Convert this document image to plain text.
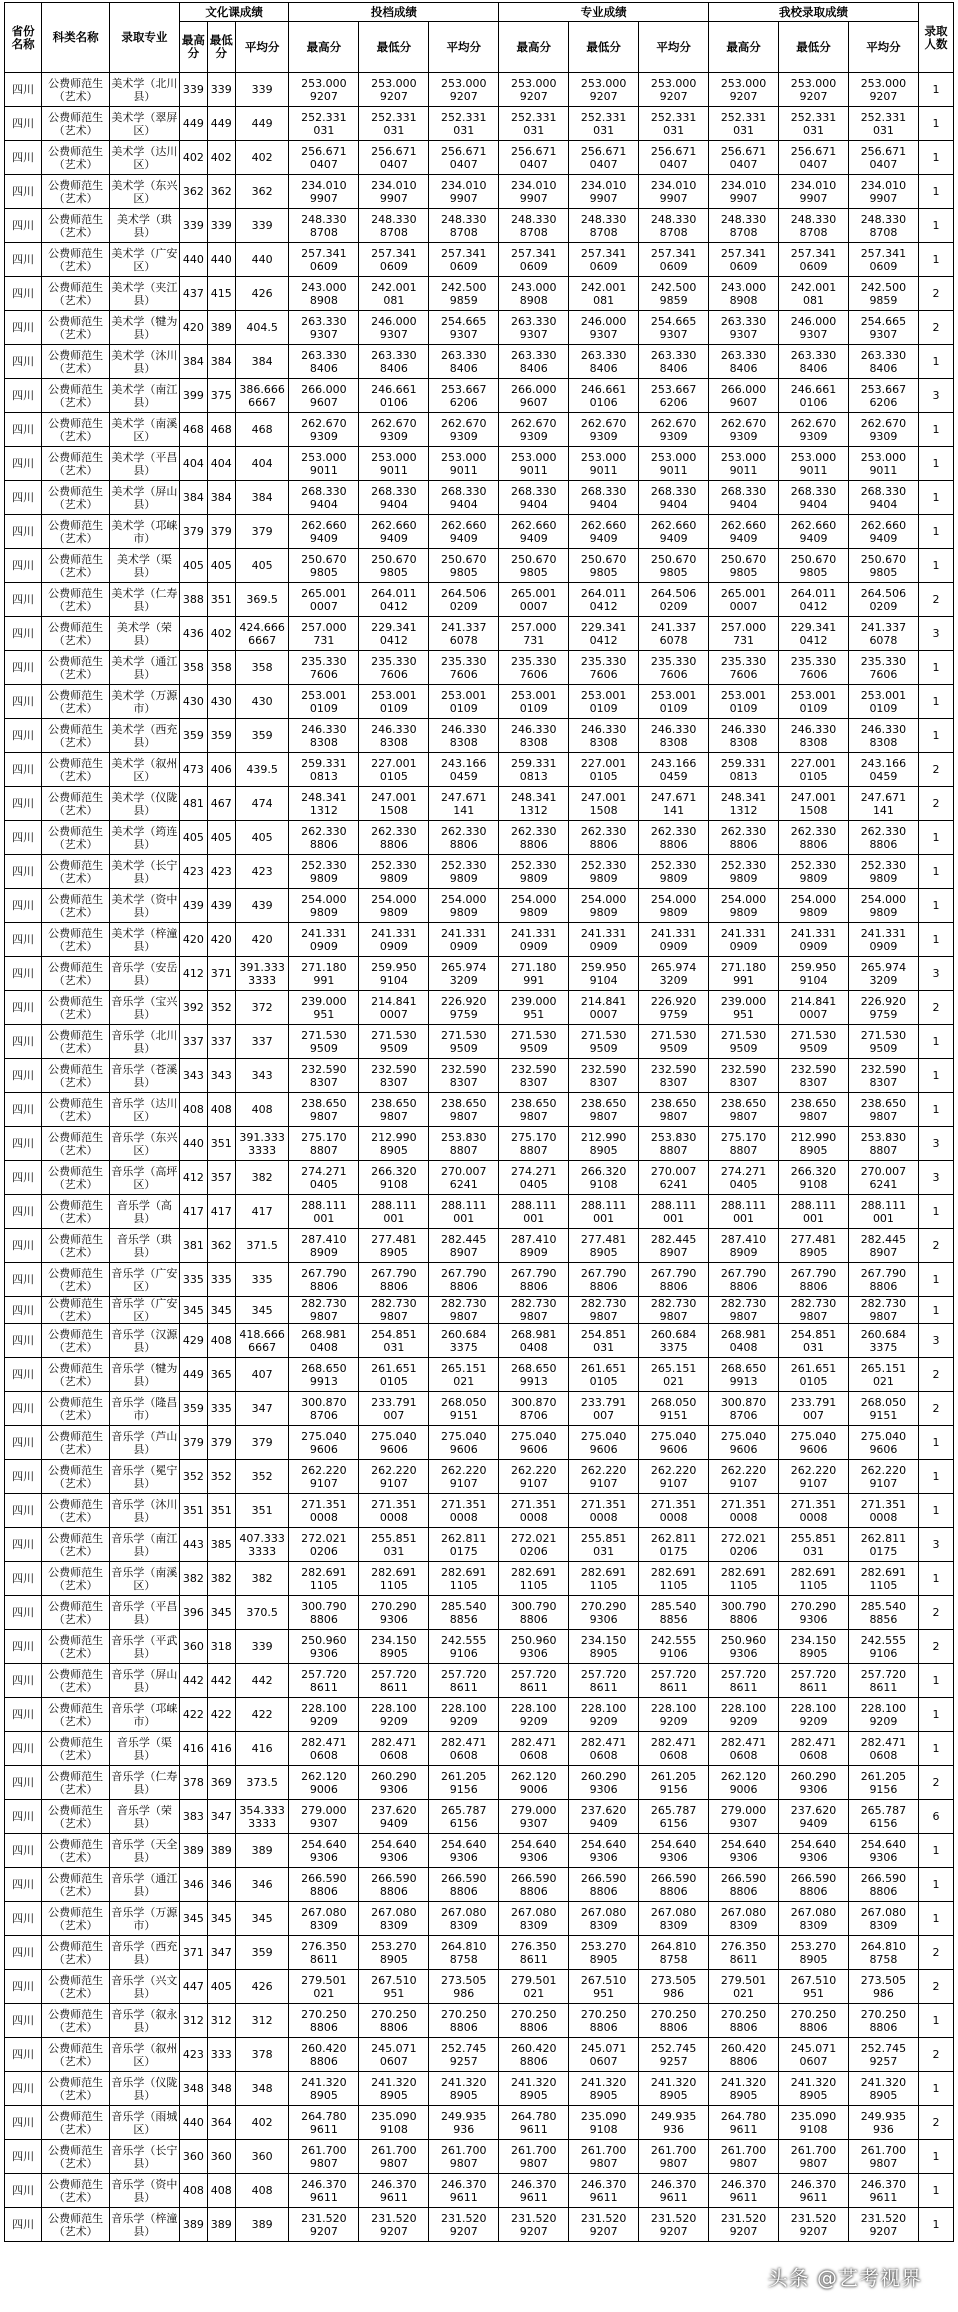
省份名称	科类名称	录取专业	文化课成绩			投档成绩			专业成绩			我校录取成绩			录取人数
			最高分	最低分	平均分	最高分	最低分	平均分	最高分	最低分	平均分	最高分	最低分	平均分	
四川	公费师范生（艺术）	美术学（北川县）	339	339	339	253.000 9207	253.000 9207	253.000 9207	253.000 9207	253.000 9207	253.000 9207	253.000 9207	253.000 9207	253.000 9207	1
四川	公费师范生（艺术）	美术学（翠屏区）	449	449	449	252.331 031	252.331 031	252.331 031	252.331 031	252.331 031	252.331 031	252.331 031	252.331 031	252.331 031	1
四川	公费师范生（艺术）	美术学（达川区）	402	402	402	256.671 0407	256.671 0407	256.671 0407	256.671 0407	256.671 0407	256.671 0407	256.671 0407	256.671 0407	256.671 0407	1
四川	公费师范生（艺术）	美术学（东兴区）	362	362	362	234.010 9907	234.010 9907	234.010 9907	234.010 9907	234.010 9907	234.010 9907	234.010 9907	234.010 9907	234.010 9907	1
四川	公费师范生（艺术）	美术学（珙县）	339	339	339	248.330 8708	248.330 8708	248.330 8708	248.330 8708	248.330 8708	248.330 8708	248.330 8708	248.330 8708	248.330 8708	1
四川	公费师范生（艺术）	美术学（广安区）	440	440	440	257.341 0609	257.341 0609	257.341 0609	257.341 0609	257.341 0609	257.341 0609	257.341 0609	257.341 0609	257.341 0609	1
四川	公费师范生（艺术）	美术学（夹江县）	437	415	426	243.000 8908	242.001 081	242.500 9859	243.000 8908	242.001 081	242.500 9859	243.000 8908	242.001 081	242.500 9859	2
四川	公费师范生（艺术）	美术学（犍为县）	420	389	404.5	263.330 9307	246.000 9307	254.665 9307	263.330 9307	246.000 9307	254.665 9307	263.330 9307	246.000 9307	254.665 9307	2
四川	公费师范生（艺术）	美术学（沐川县）	384	384	384	263.330 8406	263.330 8406	263.330 8406	263.330 8406	263.330 8406	263.330 8406	263.330 8406	263.330 8406	263.330 8406	1
四川	公费师范生（艺术）	美术学（南江县）	399	375	386.666 6667	266.000 9607	246.661 0106	253.667 6206	266.000 9607	246.661 0106	253.667 6206	266.000 9607	246.661 0106	253.667 6206	3
四川	公费师范生（艺术）	美术学（南溪区）	468	468	468	262.670 9309	262.670 9309	262.670 9309	262.670 9309	262.670 9309	262.670 9309	262.670 9309	262.670 9309	262.670 9309	1
四川	公费师范生（艺术）	美术学（平昌县）	404	404	404	253.000 9011	253.000 9011	253.000 9011	253.000 9011	253.000 9011	253.000 9011	253.000 9011	253.000 9011	253.000 9011	1
四川	公费师范生（艺术）	美术学（屏山县）	384	384	384	268.330 9404	268.330 9404	268.330 9404	268.330 9404	268.330 9404	268.330 9404	268.330 9404	268.330 9404	268.330 9404	1
四川	公费师范生（艺术）	美术学（邛崃市）	379	379	379	262.660 9409	262.660 9409	262.660 9409	262.660 9409	262.660 9409	262.660 9409	262.660 9409	262.660 9409	262.660 9409	1
四川	公费师范生（艺术）	美术学（渠县）	405	405	405	250.670 9805	250.670 9805	250.670 9805	250.670 9805	250.670 9805	250.670 9805	250.670 9805	250.670 9805	250.670 9805	1
四川	公费师范生（艺术）	美术学（仁寿县）	388	351	369.5	265.001 0007	264.011 0412	264.506 0209	265.001 0007	264.011 0412	264.506 0209	265.001 0007	264.011 0412	264.506 0209	2
四川	公费师范生（艺术）	美术学（荣县）	436	402	424.666 6667	257.000 731	229.341 0412	241.337 6078	257.000 731	229.341 0412	241.337 6078	257.000 731	229.341 0412	241.337 6078	3
四川	公费师范生（艺术）	美术学（通江县）	358	358	358	235.330 7606	235.330 7606	235.330 7606	235.330 7606	235.330 7606	235.330 7606	235.330 7606	235.330 7606	235.330 7606	1
四川	公费师范生（艺术）	美术学（万源市）	430	430	430	253.001 0109	253.001 0109	253.001 0109	253.001 0109	253.001 0109	253.001 0109	253.001 0109	253.001 0109	253.001 0109	1
四川	公费师范生（艺术）	美术学（西充县）	359	359	359	246.330 8308	246.330 8308	246.330 8308	246.330 8308	246.330 8308	246.330 8308	246.330 8308	246.330 8308	246.330 8308	1
四川	公费师范生（艺术）	美术学（叙州区）	473	406	439.5	259.331 0813	227.001 0105	243.166 0459	259.331 0813	227.001 0105	243.166 0459	259.331 0813	227.001 0105	243.166 0459	2
四川	公费师范生（艺术）	美术学（仪陇县）	481	467	474	248.341 1312	247.001 1508	247.671 141	248.341 1312	247.001 1508	247.671 141	248.341 1312	247.001 1508	247.671 141	2
四川	公费师范生（艺术）	美术学（筠连县）	405	405	405	262.330 8806	262.330 8806	262.330 8806	262.330 8806	262.330 8806	262.330 8806	262.330 8806	262.330 8806	262.330 8806	1
四川	公费师范生（艺术）	美术学（长宁县）	423	423	423	252.330 9809	252.330 9809	252.330 9809	252.330 9809	252.330 9809	252.330 9809	252.330 9809	252.330 9809	252.330 9809	1
四川	公费师范生（艺术）	美术学（资中县）	439	439	439	254.000 9809	254.000 9809	254.000 9809	254.000 9809	254.000 9809	254.000 9809	254.000 9809	254.000 9809	254.000 9809	1
四川	公费师范生（艺术）	美术学（梓潼县）	420	420	420	241.331 0909	241.331 0909	241.331 0909	241.331 0909	241.331 0909	241.331 0909	241.331 0909	241.331 0909	241.331 0909	1
四川	公费师范生（艺术）	音乐学（安岳县）	412	371	391.333 3333	271.180 991	259.950 9104	265.974 3209	271.180 991	259.950 9104	265.974 3209	271.180 991	259.950 9104	265.974 3209	3
四川	公费师范生（艺术）	音乐学（宝兴县）	392	352	372	239.000 951	214.841 0007	226.920 9759	239.000 951	214.841 0007	226.920 9759	239.000 951	214.841 0007	226.920 9759	2
四川	公费师范生（艺术）	音乐学（北川县）	337	337	337	271.530 9509	271.530 9509	271.530 9509	271.530 9509	271.530 9509	271.530 9509	271.530 9509	271.530 9509	271.530 9509	1
四川	公费师范生（艺术）	音乐学（苍溪县）	343	343	343	232.590 8307	232.590 8307	232.590 8307	232.590 8307	232.590 8307	232.590 8307	232.590 8307	232.590 8307	232.590 8307	1
四川	公费师范生（艺术）	音乐学（达川区）	408	408	408	238.650 9807	238.650 9807	238.650 9807	238.650 9807	238.650 9807	238.650 9807	238.650 9807	238.650 9807	238.650 9807	1
四川	公费师范生（艺术）	音乐学（东兴区）	440	351	391.333 3333	275.170 8807	212.990 8905	253.830 8807	275.170 8807	212.990 8905	253.830 8807	275.170 8807	212.990 8905	253.830 8807	3
四川	公费师范生（艺术）	音乐学（高坪区）	412	357	382	274.271 0405	266.320 9108	270.007 6241	274.271 0405	266.320 9108	270.007 6241	274.271 0405	266.320 9108	270.007 6241	3
四川	公费师范生（艺术）	音乐学（高县）	417	417	417	288.111 001	288.111 001	288.111 001	288.111 001	288.111 001	288.111 001	288.111 001	288.111 001	288.111 001	1
四川	公费师范生（艺术）	音乐学（珙县）	381	362	371.5	287.410 8909	277.481 8905	282.445 8907	287.410 8909	277.481 8905	282.445 8907	287.410 8909	277.481 8905	282.445 8907	2
四川	公费师范生（艺术）	音乐学（广安区）	335	335	335	267.790 8806	267.790 8806	267.790 8806	267.790 8806	267.790 8806	267.790 8806	267.790 8806	267.790 8806	267.790 8806	1
四川	公费师范生（艺术）	音乐学（广安区）	345	345	345	282.730 9807	282.730 9807	282.730 9807	282.730 9807	282.730 9807	282.730 9807	282.730 9807	282.730 9807	282.730 9807	1
四川	公费师范生（艺术）	音乐学（汉源县）	429	408	418.666 6667	268.981 0408	254.851 031	260.684 3375	268.981 0408	254.851 031	260.684 3375	268.981 0408	254.851 031	260.684 3375	3
四川	公费师范生（艺术）	音乐学（犍为县）	449	365	407	268.650 9913	261.651 0105	265.151 021	268.650 9913	261.651 0105	265.151 021	268.650 9913	261.651 0105	265.151 021	2
四川	公费师范生（艺术）	音乐学（隆昌市）	359	335	347	300.870 8706	233.791 007	268.050 9151	300.870 8706	233.791 007	268.050 9151	300.870 8706	233.791 007	268.050 9151	2
四川	公费师范生（艺术）	音乐学（芦山县）	379	379	379	275.040 9606	275.040 9606	275.040 9606	275.040 9606	275.040 9606	275.040 9606	275.040 9606	275.040 9606	275.040 9606	1
四川	公费师范生（艺术）	音乐学（冕宁县）	352	352	352	262.220 9107	262.220 9107	262.220 9107	262.220 9107	262.220 9107	262.220 9107	262.220 9107	262.220 9107	262.220 9107	1
四川	公费师范生（艺术）	音乐学（沐川县）	351	351	351	271.351 0008	271.351 0008	271.351 0008	271.351 0008	271.351 0008	271.351 0008	271.351 0008	271.351 0008	271.351 0008	1
四川	公费师范生（艺术）	音乐学（南江县）	443	385	407.333 3333	272.021 0206	255.851 031	262.811 0175	272.021 0206	255.851 031	262.811 0175	272.021 0206	255.851 031	262.811 0175	3
四川	公费师范生（艺术）	音乐学（南溪区）	382	382	382	282.691 1105	282.691 1105	282.691 1105	282.691 1105	282.691 1105	282.691 1105	282.691 1105	282.691 1105	282.691 1105	1
四川	公费师范生（艺术）	音乐学（平昌县）	396	345	370.5	300.790 8806	270.290 9306	285.540 8856	300.790 8806	270.290 9306	285.540 8856	300.790 8806	270.290 9306	285.540 8856	2
四川	公费师范生（艺术）	音乐学（平武县）	360	318	339	250.960 9306	234.150 8905	242.555 9106	250.960 9306	234.150 8905	242.555 9106	250.960 9306	234.150 8905	242.555 9106	2
四川	公费师范生（艺术）	音乐学（屏山县）	442	442	442	257.720 8611	257.720 8611	257.720 8611	257.720 8611	257.720 8611	257.720 8611	257.720 8611	257.720 8611	257.720 8611	1
四川	公费师范生（艺术）	音乐学（邛崃市）	422	422	422	228.100 9209	228.100 9209	228.100 9209	228.100 9209	228.100 9209	228.100 9209	228.100 9209	228.100 9209	228.100 9209	1
四川	公费师范生（艺术）	音乐学（渠县）	416	416	416	282.471 0608	282.471 0608	282.471 0608	282.471 0608	282.471 0608	282.471 0608	282.471 0608	282.471 0608	282.471 0608	1
四川	公费师范生（艺术）	音乐学（仁寿县）	378	369	373.5	262.120 9006	260.290 9306	261.205 9156	262.120 9006	260.290 9306	261.205 9156	262.120 9006	260.290 9306	261.205 9156	2
四川	公费师范生（艺术）	音乐学（荣县）	383	347	354.333 3333	279.000 9307	237.620 9409	265.787 6156	279.000 9307	237.620 9409	265.787 6156	279.000 9307	237.620 9409	265.787 6156	6
四川	公费师范生（艺术）	音乐学（天全县）	389	389	389	254.640 9306	254.640 9306	254.640 9306	254.640 9306	254.640 9306	254.640 9306	254.640 9306	254.640 9306	254.640 9306	1
四川	公费师范生（艺术）	音乐学（通江县）	346	346	346	266.590 8806	266.590 8806	266.590 8806	266.590 8806	266.590 8806	266.590 8806	266.590 8806	266.590 8806	266.590 8806	1
四川	公费师范生（艺术）	音乐学（万源市）	345	345	345	267.080 8309	267.080 8309	267.080 8309	267.080 8309	267.080 8309	267.080 8309	267.080 8309	267.080 8309	267.080 8309	1
四川	公费师范生（艺术）	音乐学（西充县）	371	347	359	276.350 8611	253.270 8905	264.810 8758	276.350 8611	253.270 8905	264.810 8758	276.350 8611	253.270 8905	264.810 8758	2
四川	公费师范生（艺术）	音乐学（兴文县）	447	405	426	279.501 021	267.510 951	273.505 986	279.501 021	267.510 951	273.505 986	279.501 021	267.510 951	273.505 986	2
四川	公费师范生（艺术）	音乐学（叙永县）	312	312	312	270.250 8806	270.250 8806	270.250 8806	270.250 8806	270.250 8806	270.250 8806	270.250 8806	270.250 8806	270.250 8806	1
四川	公费师范生（艺术）	音乐学（叙州区）	423	333	378	260.420 8806	245.071 0607	252.745 9257	260.420 8806	245.071 0607	252.745 9257	260.420 8806	245.071 0607	252.745 9257	2
四川	公费师范生（艺术）	音乐学（仪陇县）	348	348	348	241.320 8905	241.320 8905	241.320 8905	241.320 8905	241.320 8905	241.320 8905	241.320 8905	241.320 8905	241.320 8905	1
四川	公费师范生（艺术）	音乐学（雨城区）	440	364	402	264.780 9611	235.090 9108	249.935 936	264.780 9611	235.090 9108	249.935 936	264.780 9611	235.090 9108	249.935 936	2
四川	公费师范生（艺术）	音乐学（长宁县）	360	360	360	261.700 9807	261.700 9807	261.700 9807	261.700 9807	261.700 9807	261.700 9807	261.700 9807	261.700 9807	261.700 9807	1
四川	公费师范生（艺术）	音乐学（资中县）	408	408	408	246.370 9611	246.370 9611	246.370 9611	246.370 9611	246.370 9611	246.370 9611	246.370 9611	246.370 9611	246.370 9611	1
四川	公费师范生（艺术）	音乐学（梓潼县）	389	389	389	231.520 9207	231.520 9207	231.520 9207	231.520 9207	231.520 9207	231.520 9207	231.520 9207	231.520 9207	231.520 9207	1
头条 @艺考视界
